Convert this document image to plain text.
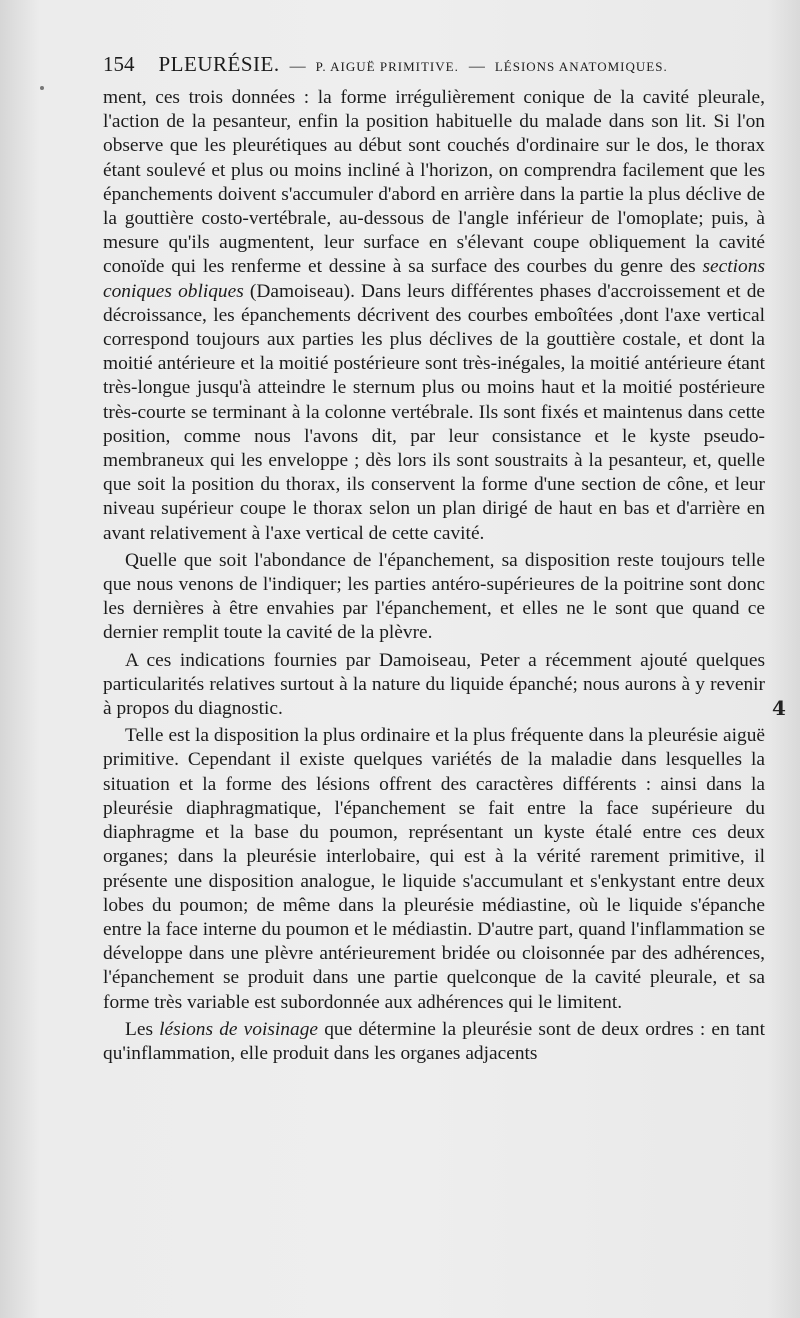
154 PLEURÉSIE. — P. AIGUË PRIMITIVE. — LÉSIONS ANATOMIQUES.

ment, ces trois données : la forme irrégulièrement conique de la cavité pleurale, l'action de la pesanteur, enfin la position habituelle du malade dans son lit. Si l'on observe que les pleurétiques au début sont couchés d'ordinaire sur le dos, le thorax étant soulevé et plus ou moins incliné à l'horizon, on comprendra facilement que les épanchements doivent s'accumuler d'abord en arrière dans la partie la plus déclive de la gouttière costo-vertébrale, au-dessous de l'angle inférieur de l'omoplate; puis, à mesure qu'ils augmentent, leur surface en s'élevant coupe obliquement la cavité conoïde qui les renferme et dessine à sa surface des courbes du genre des sections coniques obliques (Damoiseau). Dans leurs différentes phases d'accroissement et de décroissance, les épanchements décrivent des courbes emboîtées ,dont l'axe vertical correspond toujours aux parties les plus déclives de la gouttière costale, et dont la moitié antérieure et la moitié postérieure sont très-inégales, la moitié antérieure étant très-longue jusqu'à atteindre le sternum plus ou moins haut et la moitié postérieure très-courte se terminant à la colonne vertébrale. Ils sont fixés et maintenus dans cette position, comme nous l'avons dit, par leur consistance et le kyste pseudo-membraneux qui les enveloppe ; dès lors ils sont soustraits à la pesanteur, et, quelle que soit la position du thorax, ils conservent la forme d'une section de cône, et leur niveau supérieur coupe le thorax selon un plan dirigé de haut en bas et d'arrière en avant relativement à l'axe vertical de cette cavité.

Quelle que soit l'abondance de l'épanchement, sa disposition reste toujours telle que nous venons de l'indiquer; les parties antéro-supérieures de la poitrine sont donc les dernières à être envahies par l'épanchement, et elles ne le sont que quand ce dernier remplit toute la cavité de la plèvre.

A ces indications fournies par Damoiseau, Peter a récemment ajouté quelques particularités relatives surtout à la nature du liquide épanché; nous aurons à y revenir à propos du diagnostic.

Telle est la disposition la plus ordinaire et la plus fréquente dans la pleurésie aiguë primitive. Cependant il existe quelques variétés de la maladie dans lesquelles la situation et la forme des lésions offrent des caractères différents : ainsi dans la pleurésie diaphragmatique, l'épanchement se fait entre la face supérieure du diaphragme et la base du poumon, représentant un kyste étalé entre ces deux organes; dans la pleurésie interlobaire, qui est à la vérité rarement primitive, il présente une disposition analogue, le liquide s'accumulant et s'enkystant entre deux lobes du poumon; de même dans la pleurésie médiastine, où le liquide s'épanche entre la face interne du poumon et le médiastin. D'autre part, quand l'inflammation se développe dans une plèvre antérieurement bridée ou cloisonnée par des adhérences, l'épanchement se produit dans une partie quelconque de la cavité pleurale, et sa forme très variable est subordonnée aux adhérences qui le limitent.

Les lésions de voisinage que détermine la pleurésie sont de deux ordres : en tant qu'inflammation, elle produit dans les organes adjacents

4
